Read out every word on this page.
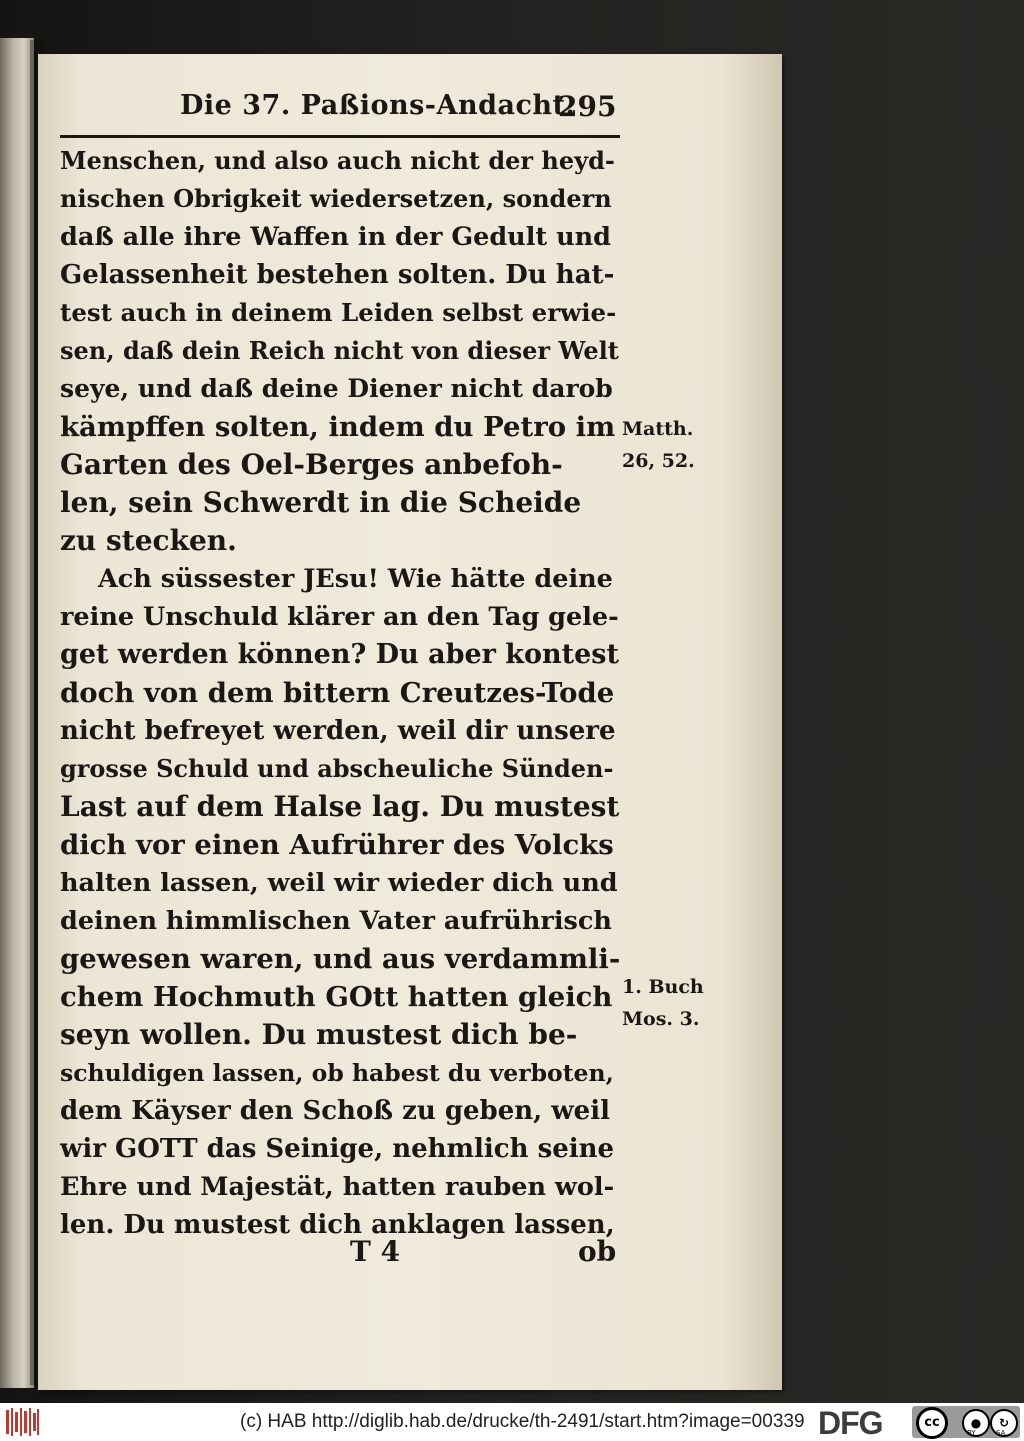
Die 37. Paßions-Andacht.
295
Menschen, und also auch nicht der heyd-
nischen Obrigkeit wiedersetzen, sondern
daß alle ihre Waffen in der Gedult und
Gelassenheit bestehen solten. Du hat-
test auch in deinem Leiden selbst erwie-
sen, daß dein Reich nicht von dieser Welt
seye, und daß deine Diener nicht darob
kämpffen solten, indem du Petro im
Garten des Oel-Berges anbefoh-
len, sein Schwerdt in die Scheide
zu stecken.
Ach süssester JEsu! Wie hätte deine
reine Unschuld klärer an den Tag gele-
get werden können? Du aber kontest
doch von dem bittern Creutzes-Tode
nicht befreyet werden, weil dir unsere
grosse Schuld und abscheuliche Sünden-
Last auf dem Halse lag. Du mustest
dich vor einen Aufrührer des Volcks
halten lassen, weil wir wieder dich und
deinen himmlischen Vater aufrührisch
gewesen waren, und aus verdammli-
chem Hochmuth GOtt hatten gleich
seyn wollen. Du mustest dich be-
schuldigen lassen, ob habest du verboten,
dem Käyser den Schoß zu geben, weil
wir GOTT das Seinige, nehmlich seine
Ehre und Majestät, hatten rauben wol-
len. Du mustest dich anklagen lassen,
Matth.
26, 52.
1. Buch
Mos. 3.
T 4	ob
(c) HAB http://diglib.hab.de/drucke/th-2491/start.htm?image=00339 DFG	cc	●	↻
BY	SA
